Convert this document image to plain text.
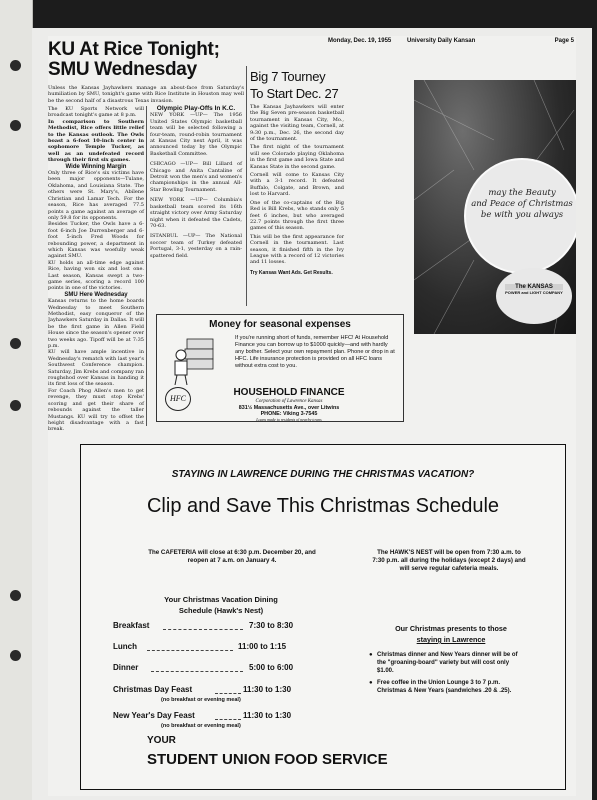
Monday, Dec. 19, 1955	University Daily Kansan	Page 5
KU At Rice Tonight;
SMU Wednesday
Unless the Kansas Jayhawkers manage an about-face from Saturday's humiliation by SMU, tonight's game with Rice Institute in Houston may well be the second half of a disastrous Texas invasion.
The KU Sports Network will broadcast tonight's game at 8 p.m.
In comparison to Southern Methodist, Rice offers little relief to the Kansas outlook. The Owls boast a 6-foot 10-inch center in sophomore Temple Tucker, as well as an undefeated record through their first six games.
Wide Winning Margin
Only three of Rice's six victims have been major opponents—Tulane, Oklahoma, and Louisiana State. The others were St. Mary's, Abilene Christian and Lamar Tech. For the season, Rice has averaged 77.5 points a game against an average of only 59.8 for its opponents.
Besides Tucker, the Owls have a 6-foot 6-inch Joe Durrenberger and 6-foot 5-inch Fred Woods for rebounding power, a department in which Kansas was woefully weak against SMU.
KU holds an all-time edge against Rice, having won six and lost one. Last season, Kansas swept a two-game series, scoring a record 100 points in one of the victories.
SMU Here Wednesday
Kansas returns to the home boards Wednesday to meet Southern Methodist, easy conqueror of the Jayhawkers Saturday in Dallas. It will be the first game in Allen Field House since the season's opener over two weeks ago. Tipoff will be at 7:35 p.m.
KU will have ample incentive in Wednesday's rematch with last year's Southwest Conference champion. Saturday, Jim Krebs and company ran roughshod over Kansas in handing it its first loss of the season.
For Coach Phog Allen's men to get revenge, they must stop Krebs' scoring and get their share of rebounds against the taller Mustangs. KU will try to offset the height disadvantage with a fast break.
Olympic Play-Offs In K.C.
NEW YORK —UP— The 1956 United States Olympic basketball team will be selected following a four-team, round-robin tournament at Kansas City next April, it was announced today by the Olympic Basketball Committee.
CHICAGO —UP— Bill Lillard of Chicago and Anita Cantaline of Detroit won the men's and women's championships in the annual All-Star Bowling Tournament.
NEW YORK —UP— Columbia's basketball team scored its 16th straight victory over Army Saturday night when it defeated the Cadets, 70-63.
ISTANBUL —UP— The National soccer team of Turkey defeated Portugal, 3-1, yesterday on a rain-spattered field.
Big 7 Tourney
To Start Dec. 27
The Kansas Jayhawkers will enter the Big Seven pre-season basketball tournament in Kansas City, Mo., against the visiting team, Cornell, at 9:30 p.m., Dec. 26, the second day of the tournament.
The first night of the tournament will see Colorado playing Oklahoma in the first game and Iowa State and Kansas State in the second game.
Cornell will come to Kansas City with a 3-1 record. It defeated Buffalo, Colgate, and Brown, and lost to Harvard.
One of the co-captains of the Big Red is Bill Krebs, who stands only 5 feet 6 inches, but who averaged 22.7 points through the first three games of this season.
This will be the first appearance for Cornell in the tournament. Last season, it finished fifth in the Ivy League with a record of 12 victories and 11 losses.
Try Kansas Want Ads. Get Results.
may the Beauty
and Peace of Christmas
be with you always
The KANSAS
POWER and LIGHT COMPANY
Money for seasonal expenses
If you're running short of funds, remember HFC! At Household Finance you can borrow up to $1000 quickly—and with hardly any bother. Select your own repayment plan. Phone or drop in at HFC. Life insurance protection is provided on all HFC loans without extra cost to you.
HFC
HOUSEHOLD FINANCE
Corporation of Lawrence Kansas
831½ Massachusetts Ave., over Litwins
PHONE: Viking 3-7545
Loans made to residents of nearby towns
STAYING IN LAWRENCE DURING THE CHRISTMAS VACATION?
Clip and Save This Christmas Schedule
The CAFETERIA will close at 6:30 p.m. December 20, and reopen at 7 a.m. on January 4.
The HAWK'S NEST will be open from 7:30 a.m. to 7:30 p.m. all during the holidays (except 2 days) and will serve regular cafeteria meals.
Your Christmas Vacation Dining
Schedule (Hawk's Nest)
Breakfast	7:30 to 8:30
Lunch	11:00 to 1:15
Dinner	5:00 to 6:00
Christmas Day Feast	11:30 to 1:30
(no breakfast or evening meal)
New Year's Day Feast	11:30 to 1:30
(no breakfast or evening meal)
Our Christmas presents to those
staying in Lawrence
● Christmas dinner and New Years dinner will be of the "groaning-board" variety but will cost only $1.00.
● Free coffee in the Union Lounge 3 to 7 p.m. Christmas & New Years (sandwiches .20 & .25).
YOUR
STUDENT UNION FOOD SERVICE
